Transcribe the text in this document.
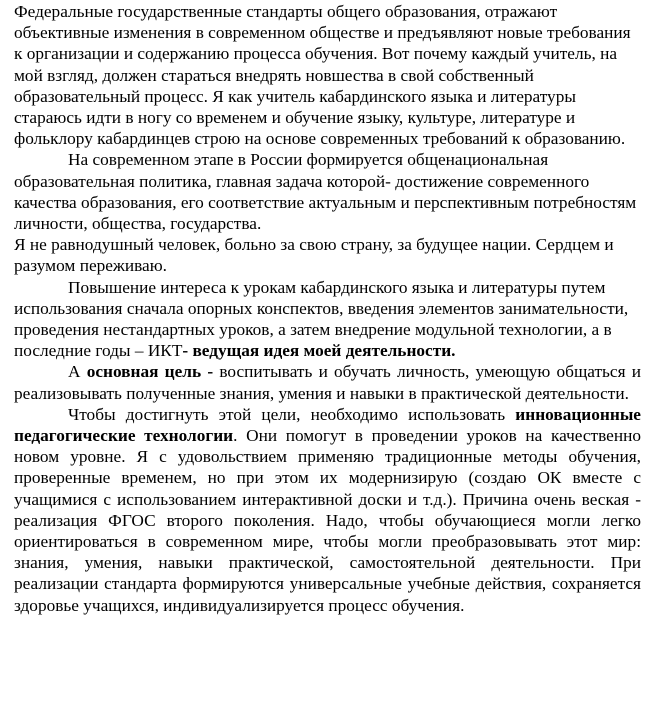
Федеральные государственные стандарты общего образования, отражают объективные изменения в современном обществе и предъявляют новые требования к организации и содержанию процесса обучения. Вот почему каждый учитель, на мой взгляд, должен стараться внедрять новшества в свой собственный образовательный процесс. Я как учитель кабардинского языка и литературы стараюсь идти в ногу со временем и обучение языку, культуре, литературе и фольклору кабардинцев строю на основе современных требований к образованию.

На современном этапе в России формируется общенациональная образовательная политика, главная задача которой- достижение современного качества образования, его соответствие актуальным и перспективным потребностям личности, общества, государства.

Я не равнодушный человек, больно за свою страну, за будущее нации. Сердцем и разумом переживаю.

Повышение интереса к урокам кабардинского языка и литературы путем использования сначала опорных конспектов, введения элементов занимательности, проведения нестандартных уроков, а затем внедрение модульной технологии, а в последние годы – ИКТ- ведущая идея моей деятельности.

А основная цель - воспитывать и обучать личность, умеющую общаться и реализовывать полученные знания, умения и навыки в практической деятельности.

Чтобы достигнуть этой цели, необходимо использовать инновационные педагогические технологии. Они помогут в проведении уроков на качественно новом уровне. Я с удовольствием применяю традиционные методы обучения, проверенные временем, но при этом их модернизирую (создаю ОК вместе с учащимися с использованием интерактивной доски и т.д.). Причина очень веская - реализация ФГОС второго поколения. Надо, чтобы обучающиеся могли легко ориентироваться в современном мире, чтобы могли преобразовывать этот мир: знания, умения, навыки практической, самостоятельной деятельности. При реализации стандарта формируются универсальные учебные действия, сохраняется здоровье учащихся, индивидуализируется процесс обучения.
